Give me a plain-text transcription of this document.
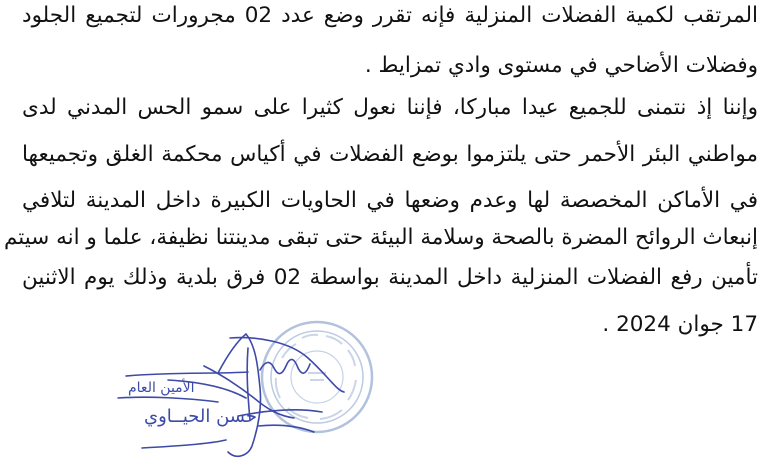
المرتقب لكمية الفضلات المنزلية فإنه تقرر وضع عدد 02 مجرورات لتجميع الجلود
وفضلات الأضاحي في مستوى وادي تمزايط .
وإننا إذ نتمنى للجميع عيدا مباركا، فإننا نعول كثيرا على سمو الحس المدني لدى
مواطني البئر الأحمر حتى يلتزموا بوضع الفضلات في أكياس محكمة الغلق وتجميعها
في الأماكن المخصصة لها وعدم وضعها في الحاويات الكبيرة داخل المدينة لتلافي
إنبعاث الروائح المضرة بالصحة وسلامة البيئة حتى تبقى مدينتنا نظيفة، علما و انه سيتم
تأمين رفع الفضلات المنزلية داخل المدينة بواسطة 02 فرق بلدية وذلك يوم الاثنين
17 جوان 2024 .
الأمين العام
حسن الحيــاوي
